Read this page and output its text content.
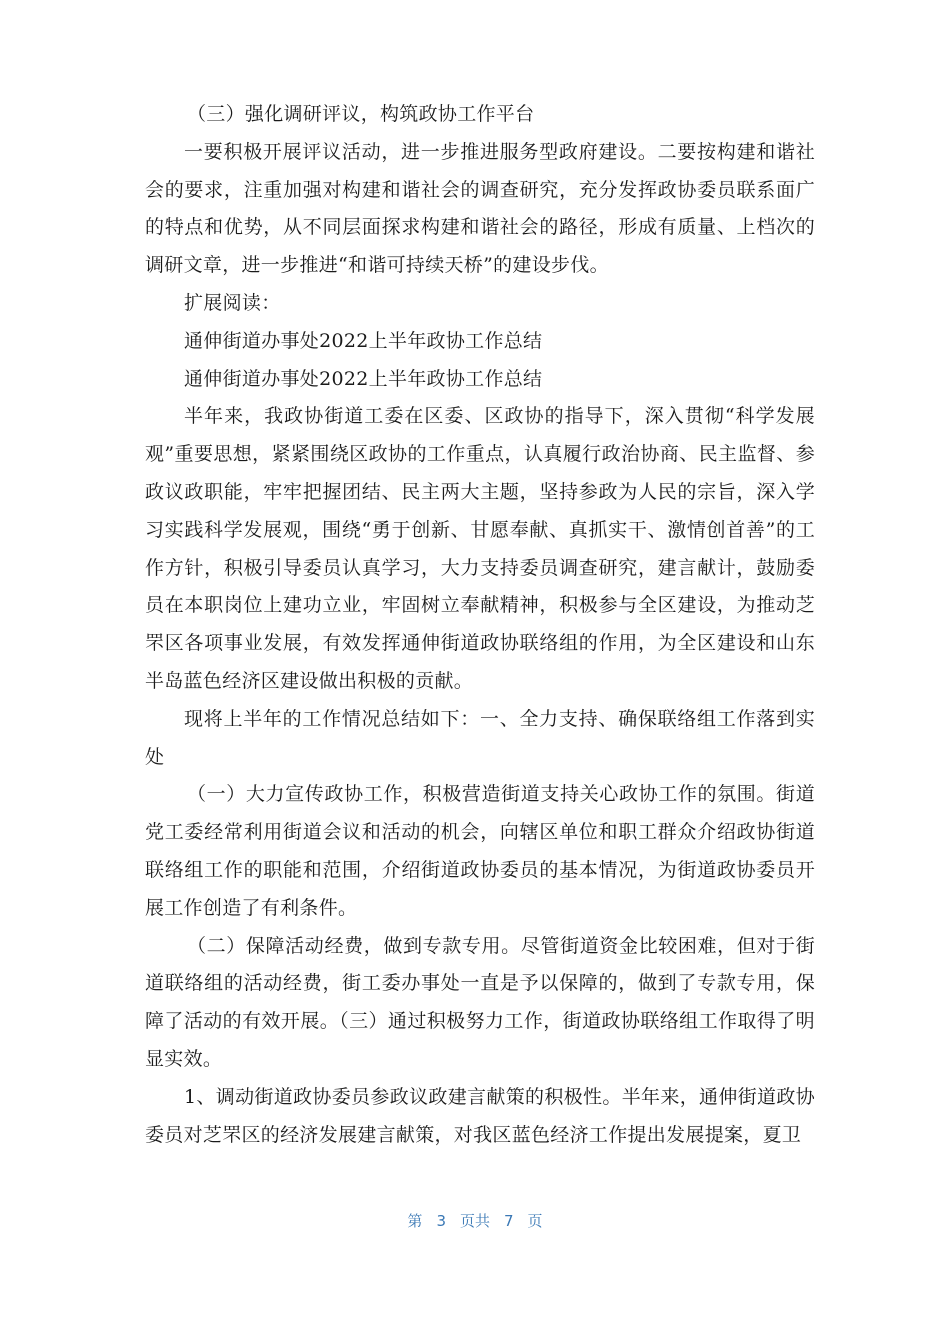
（三）强化调研评议，构筑政协工作平台

一要积极开展评议活动，进一步推进服务型政府建设。二要按构建和谐社会的要求，注重加强对构建和谐社会的调查研究，充分发挥政协委员联系面广的特点和优势，从不同层面探求构建和谐社会的路径，形成有质量、上档次的调研文章，进一步推进“和谐可持续天桥”的建设步伐。

扩展阅读：

通伸街道办事处2022上半年政协工作总结

通伸街道办事处2022上半年政协工作总结

半年来，我政协街道工委在区委、区政协的指导下，深入贯彻“科学发展观”重要思想，紧紧围绕区政协的工作重点，认真履行政治协商、民主监督、参政议政职能，牢牢把握团结、民主两大主题，坚持参政为人民的宗旨，深入学习实践科学发展观，围绕“勇于创新、甘愿奉献、真抓实干、激情创首善”的工作方针，积极引导委员认真学习，大力支持委员调查研究，建言献计，鼓励委员在本职岗位上建功立业，牢固树立奉献精神，积极参与全区建设，为推动芝罘区各项事业发展，有效发挥通伸街道政协联络组的作用，为全区建设和山东半岛蓝色经济区建设做出积极的贡献。

现将上半年的工作情况总结如下：一、全力支持、确保联络组工作落到实处

（一）大力宣传政协工作，积极营造街道支持关心政协工作的氛围。街道党工委经常利用街道会议和活动的机会，向辖区单位和职工群众介绍政协街道联络组工作的职能和范围，介绍街道政协委员的基本情况，为街道政协委员开展工作创造了有利条件。

（二）保障活动经费，做到专款专用。尽管街道资金比较困难，但对于街道联络组的活动经费，街工委办事处一直是予以保障的，做到了专款专用，保障了活动的有效开展。（三）通过积极努力工作，街道政协联络组工作取得了明显实效。

1、调动街道政协委员参政议政建言献策的积极性。半年来，通伸街道政协委员对芝罘区的经济发展建言献策，对我区蓝色经济工作提出发展提案，夏卫

第 3 页共 7 页
